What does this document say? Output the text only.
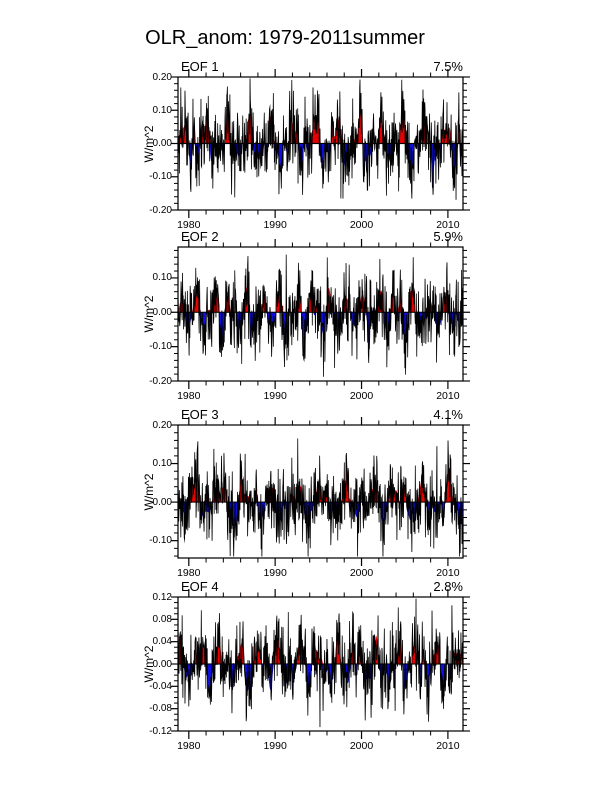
OLR_anom: 1979-2011summer
W/m^2
W/m^2
W/m^2
W/m^2
-0.20
-0.10
0.00
0.10
0.20
1980	1990	2000	2010
-0.20
-0.10
0.00
0.10
1980	1990	2000	2010
-0.10
0.00
0.10
0.20
1980	1990	2000	2010
-0.12
-0.08
-0.04
0.00
0.04
0.08
0.12
1980	1990	2000	2010
